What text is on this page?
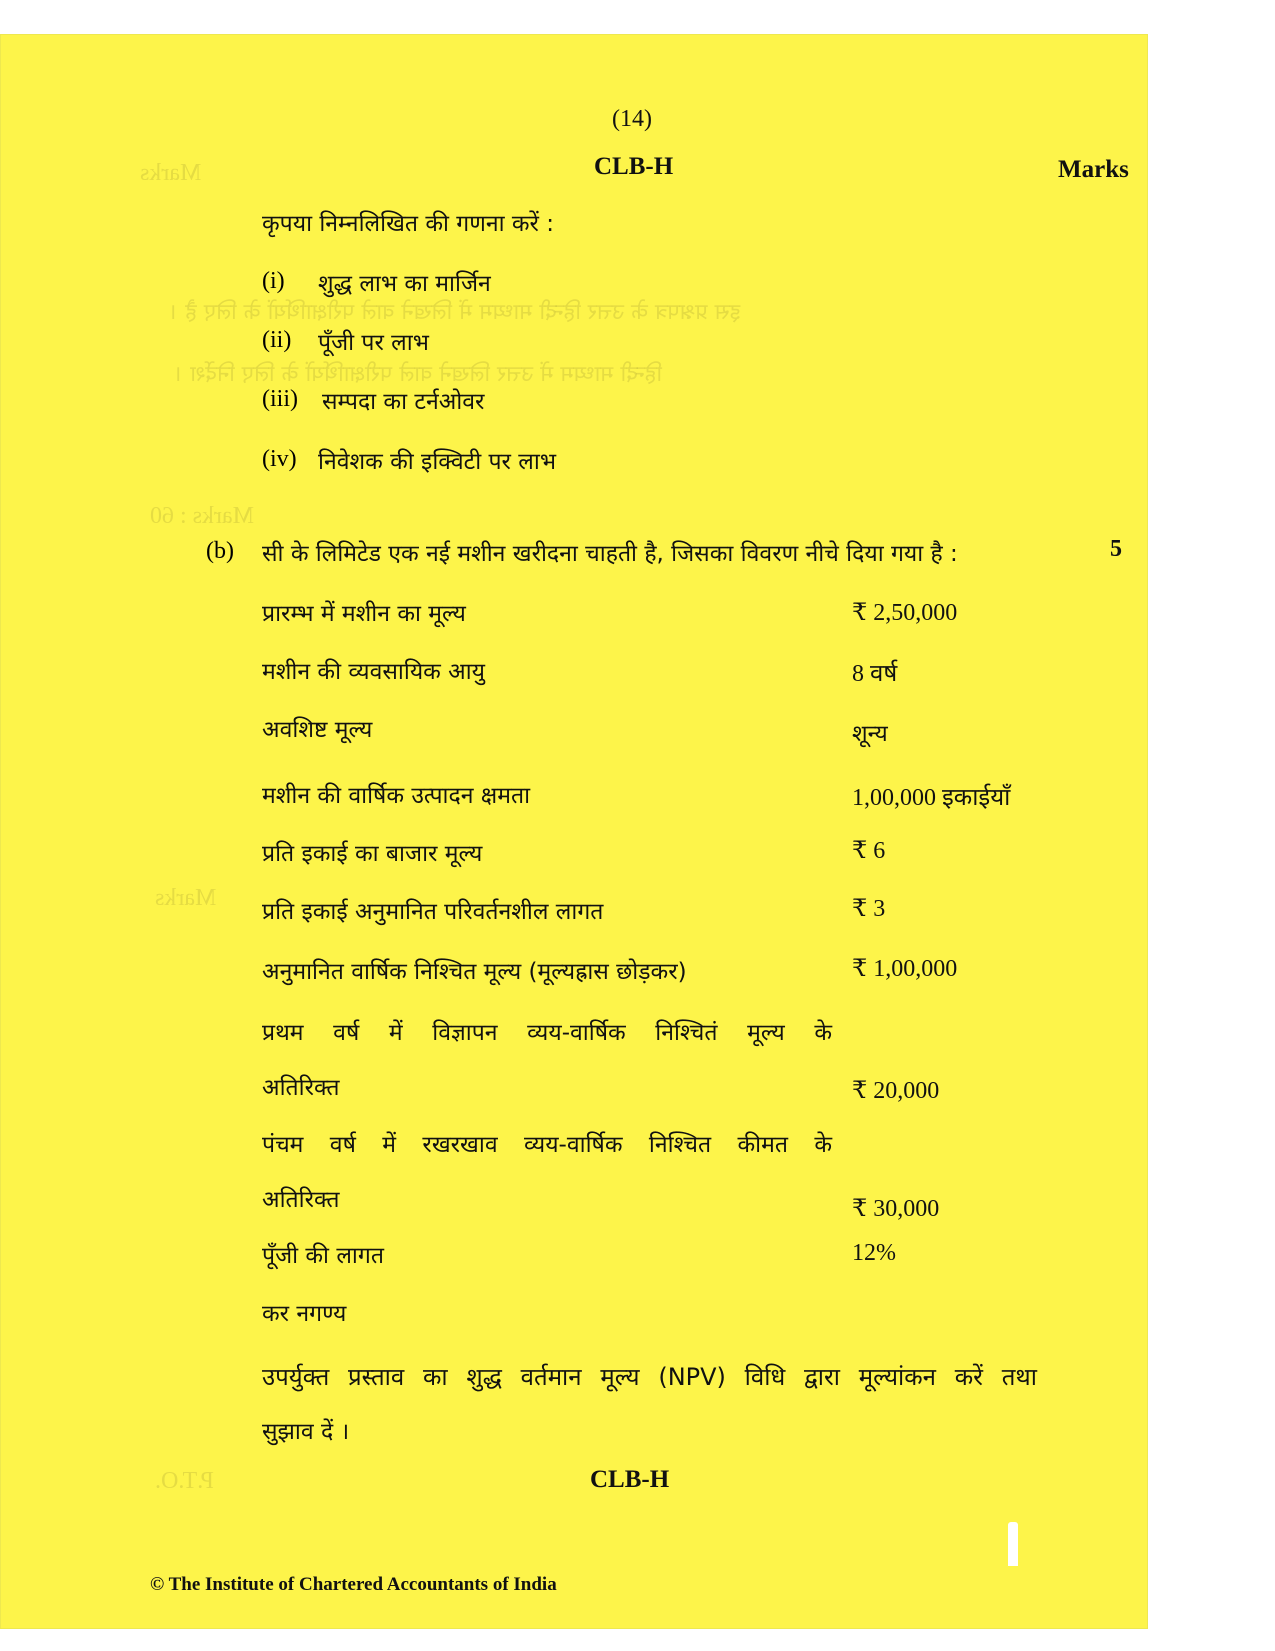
Marks
इस प्रश्नपत्र के उत्तर हिन्दी माध्यम में लिखने वाले परीक्षार्थियों के लिए है ।
हिन्दी माध्यम में उत्तर लिखने वाले परीक्षार्थियों के लिए निर्देश ।
Marks : 60
Marks
P.T.O.
(14)
CLB-H	Marks
कृपया निम्नलिखित की गणना करें :
(i) शुद्ध लाभ का मार्जिन
(ii) पूँजी पर लाभ
(iii) सम्पदा का टर्नओवर
(iv) निवेशक की इक्विटी पर लाभ
(b) सी के लिमिटेड एक नई मशीन खरीदना चाहती है, जिसका विवरण नीचे दिया गया है :	5
प्रारम्भ में मशीन का मूल्य	₹ 2,50,000
मशीन की व्यवसायिक आयु	8 वर्ष
अवशिष्ट मूल्य	शून्य
मशीन की वार्षिक उत्पादन क्षमता	1,00,000 इकाईयाँ
प्रति इकाई का बाजार मूल्य	₹ 6
प्रति इकाई अनुमानित परिवर्तनशील लागत	₹ 3
अनुमानित वार्षिक निश्चित मूल्य (मूल्यह्रास छोड़कर)	₹ 1,00,000
प्रथम वर्ष में विज्ञापन व्यय-वार्षिक निश्चितं मूल्य के
अतिरिक्त	₹ 20,000
पंचम वर्ष में रखरखाव व्यय-वार्षिक निश्चित कीमत के
अतिरिक्त	₹ 30,000
पूँजी की लागत	12%
कर नगण्य
उपर्युक्त प्रस्ताव का शुद्ध वर्तमान मूल्य (NPV) विधि द्वारा मूल्यांकन करें तथा
सुझाव दें ।
CLB-H
© The Institute of Chartered Accountants of India
